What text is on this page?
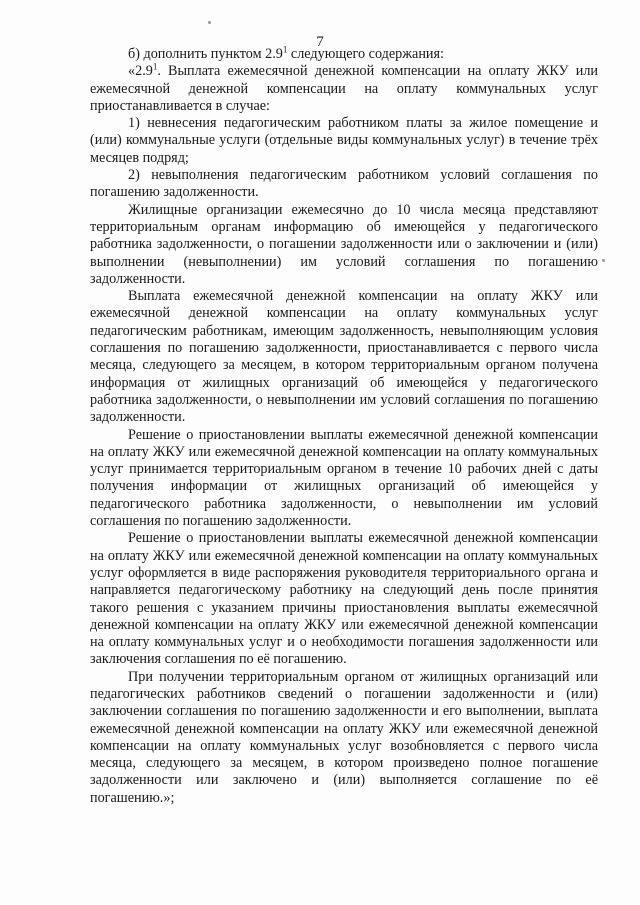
7

б) дополнить пунктом $2.9^1$ следующего содержания:

«$2.9^1$. Выплата ежемесячной денежной компенсации на оплату ЖКУ или ежемесячной денежной компенсации на оплату коммунальных услуг приостанавливается в случае:

1) невнесения педагогическим работником платы за жилое помещение и (или) коммунальные услуги (отдельные виды коммунальных услуг) в течение трёх месяцев подряд;

2) невыполнения педагогическим работником условий соглашения по погашению задолженности.

Жилищные организации ежемесячно до 10 числа месяца представляют территориальным органам информацию об имеющейся у педагогического работника задолженности, о погашении задолженности или о заключении и (или) выполнении (невыполнении) им условий соглашения по погашению задолженности.

Выплата ежемесячной денежной компенсации на оплату ЖКУ или ежемесячной денежной компенсации на оплату коммунальных услуг педагогическим работникам, имеющим задолженность, невыполняющим условия соглашения по погашению задолженности, приостанавливается с первого числа месяца, следующего за месяцем, в котором территориальным органом получена информация от жилищных организаций об имеющейся у педагогического работника задолженности, о невыполнении им условий соглашения по погашению задолженности.

Решение о приостановлении выплаты ежемесячной денежной компенсации на оплату ЖКУ или ежемесячной денежной компенсации на оплату коммунальных услуг принимается территориальным органом в течение 10 рабочих дней с даты получения информации от жилищных организаций об имеющейся у педагогического работника задолженности, о невыполнении им условий соглашения по погашению задолженности.

Решение о приостановлении выплаты ежемесячной денежной компенсации на оплату ЖКУ или ежемесячной денежной компенсации на оплату коммунальных услуг оформляется в виде распоряжения руководителя территориального органа и направляется педагогическому работнику на следующий день после принятия такого решения с указанием причины приостановления выплаты ежемесячной денежной компенсации на оплату ЖКУ или ежемесячной денежной компенсации на оплату коммунальных услуг и о необходимости погашения задолженности или заключения соглашения по её погашению.

При получении территориальным органом от жилищных организаций или педагогических работников сведений о погашении задолженности и (или) заключении соглашения по погашению задолженности и его выполнении, выплата ежемесячной денежной компенсации на оплату ЖКУ или ежемесячной денежной компенсации на оплату коммунальных услуг возобновляется с первого числа месяца, следующего за месяцем, в котором произведено полное погашение задолженности или заключено и (или) выполняется соглашение по её погашению.»;
